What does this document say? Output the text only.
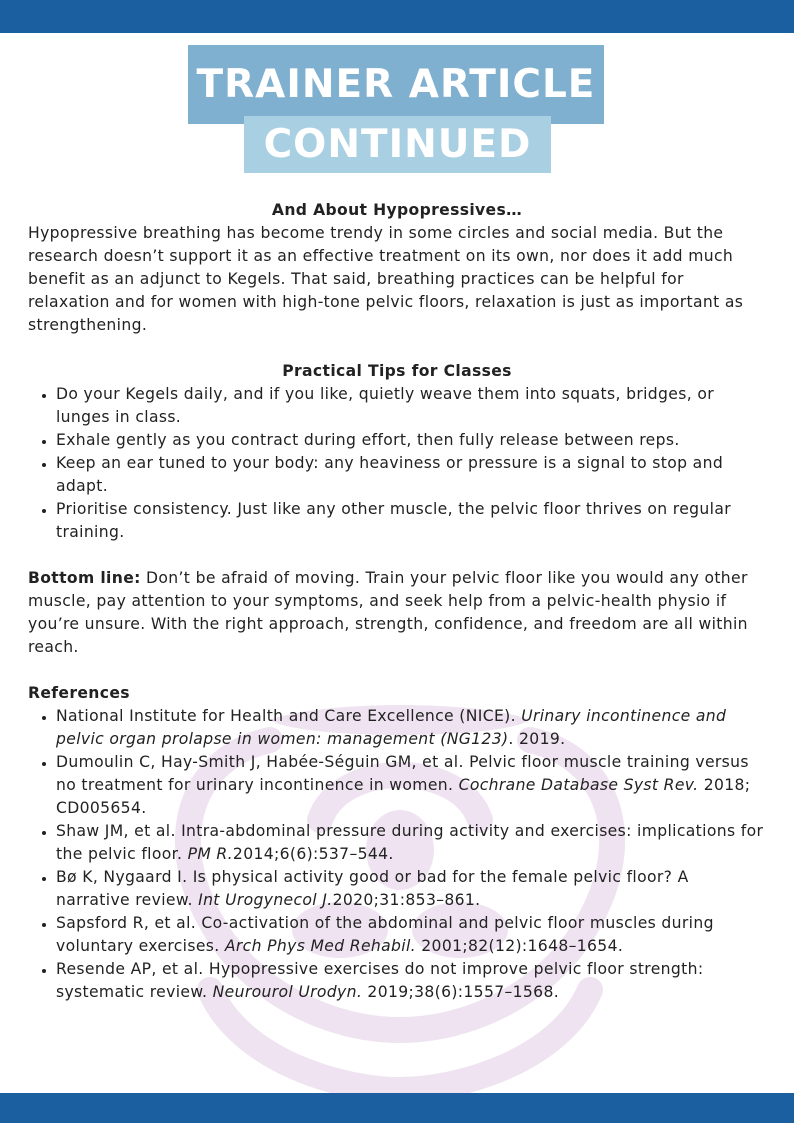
TRAINER ARTICLE
CONTINUED

And About Hypopressives…

Hypopressive breathing has become trendy in some circles and social media. But the research doesn’t support it as an effective treatment on its own, nor does it add much benefit as an adjunct to Kegels. That said, breathing practices can be helpful for relaxation and for women with high-tone pelvic floors, relaxation is just as important as strengthening.

Practical Tips for Classes

• Do your Kegels daily, and if you like, quietly weave them into squats, bridges, or lunges in class.
• Exhale gently as you contract during effort, then fully release between reps.
• Keep an ear tuned to your body: any heaviness or pressure is a signal to stop and adapt.
• Prioritise consistency. Just like any other muscle, the pelvic floor thrives on regular training.

Bottom line: Don’t be afraid of moving. Train your pelvic floor like you would any other muscle, pay attention to your symptoms, and seek help from a pelvic-health physio if you’re unsure. With the right approach, strength, confidence, and freedom are all within reach.

References

• National Institute for Health and Care Excellence (NICE). Urinary incontinence and pelvic organ prolapse in women: management (NG123). 2019.
• Dumoulin C, Hay-Smith J, Habée-Séguin GM, et al. Pelvic floor muscle training versus no treatment for urinary incontinence in women. Cochrane Database Syst Rev. 2018; CD005654.
• Shaw JM, et al. Intra-abdominal pressure during activity and exercises: implications for the pelvic floor. PM R.2014;6(6):537–544.
• Bø K, Nygaard I. Is physical activity good or bad for the female pelvic floor? A narrative review. Int Urogynecol J.2020;31:853–861.
• Sapsford R, et al. Co-activation of the abdominal and pelvic floor muscles during voluntary exercises. Arch Phys Med Rehabil. 2001;82(12):1648–1654.
• Resende AP, et al. Hypopressive exercises do not improve pelvic floor strength: systematic review. Neurourol Urodyn. 2019;38(6):1557–1568.
